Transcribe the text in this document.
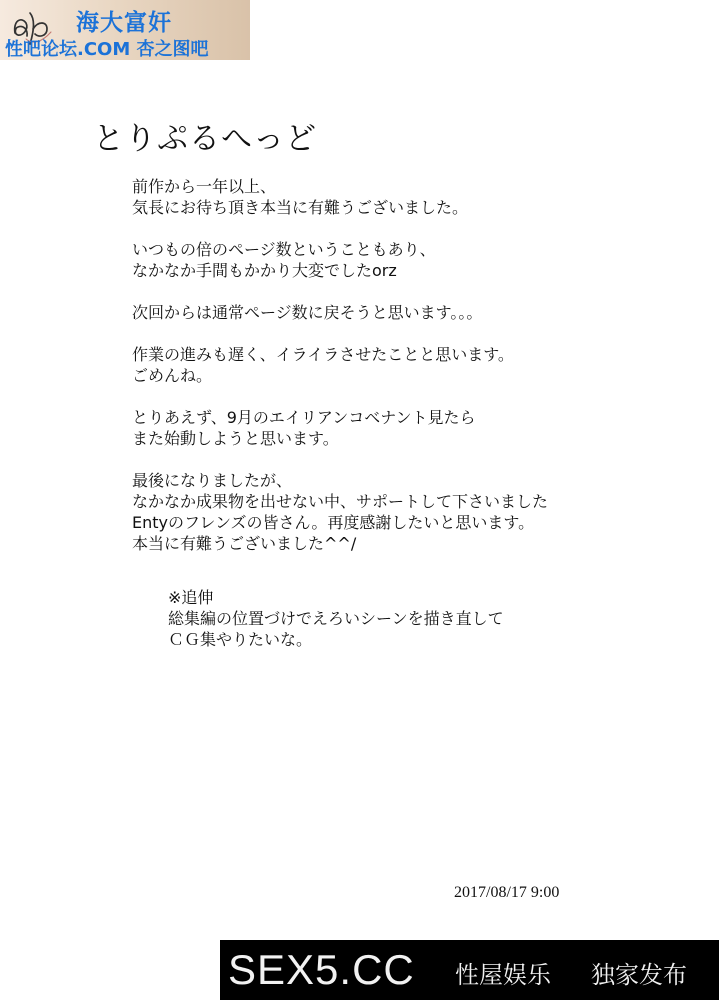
海大富奸
性吧论坛.COM 杏之图吧
とりぷるへっど
前作から一年以上、
気長にお待ち頂き本当に有難うございました。
いつもの倍のページ数ということもあり、
なかなか手間もかかり大変でしたorz
次回からは通常ページ数に戻そうと思います。。。
作業の進みも遅く、イライラさせたことと思います。
ごめんね。
とりあえず、9月のエイリアンコベナント見たら
また始動しようと思います。
最後になりましたが、
なかなか成果物を出せない中、サポートして下さいました
Entyのフレンズの皆さん。再度感謝したいと思います。
本当に有難うございました^^/
※追伸
総集編の位置づけでえろいシーンを描き直して
ＣＧ集やりたいな。
2017/08/17 9:00
SEX5.CC 性屋娱乐 独家发布
